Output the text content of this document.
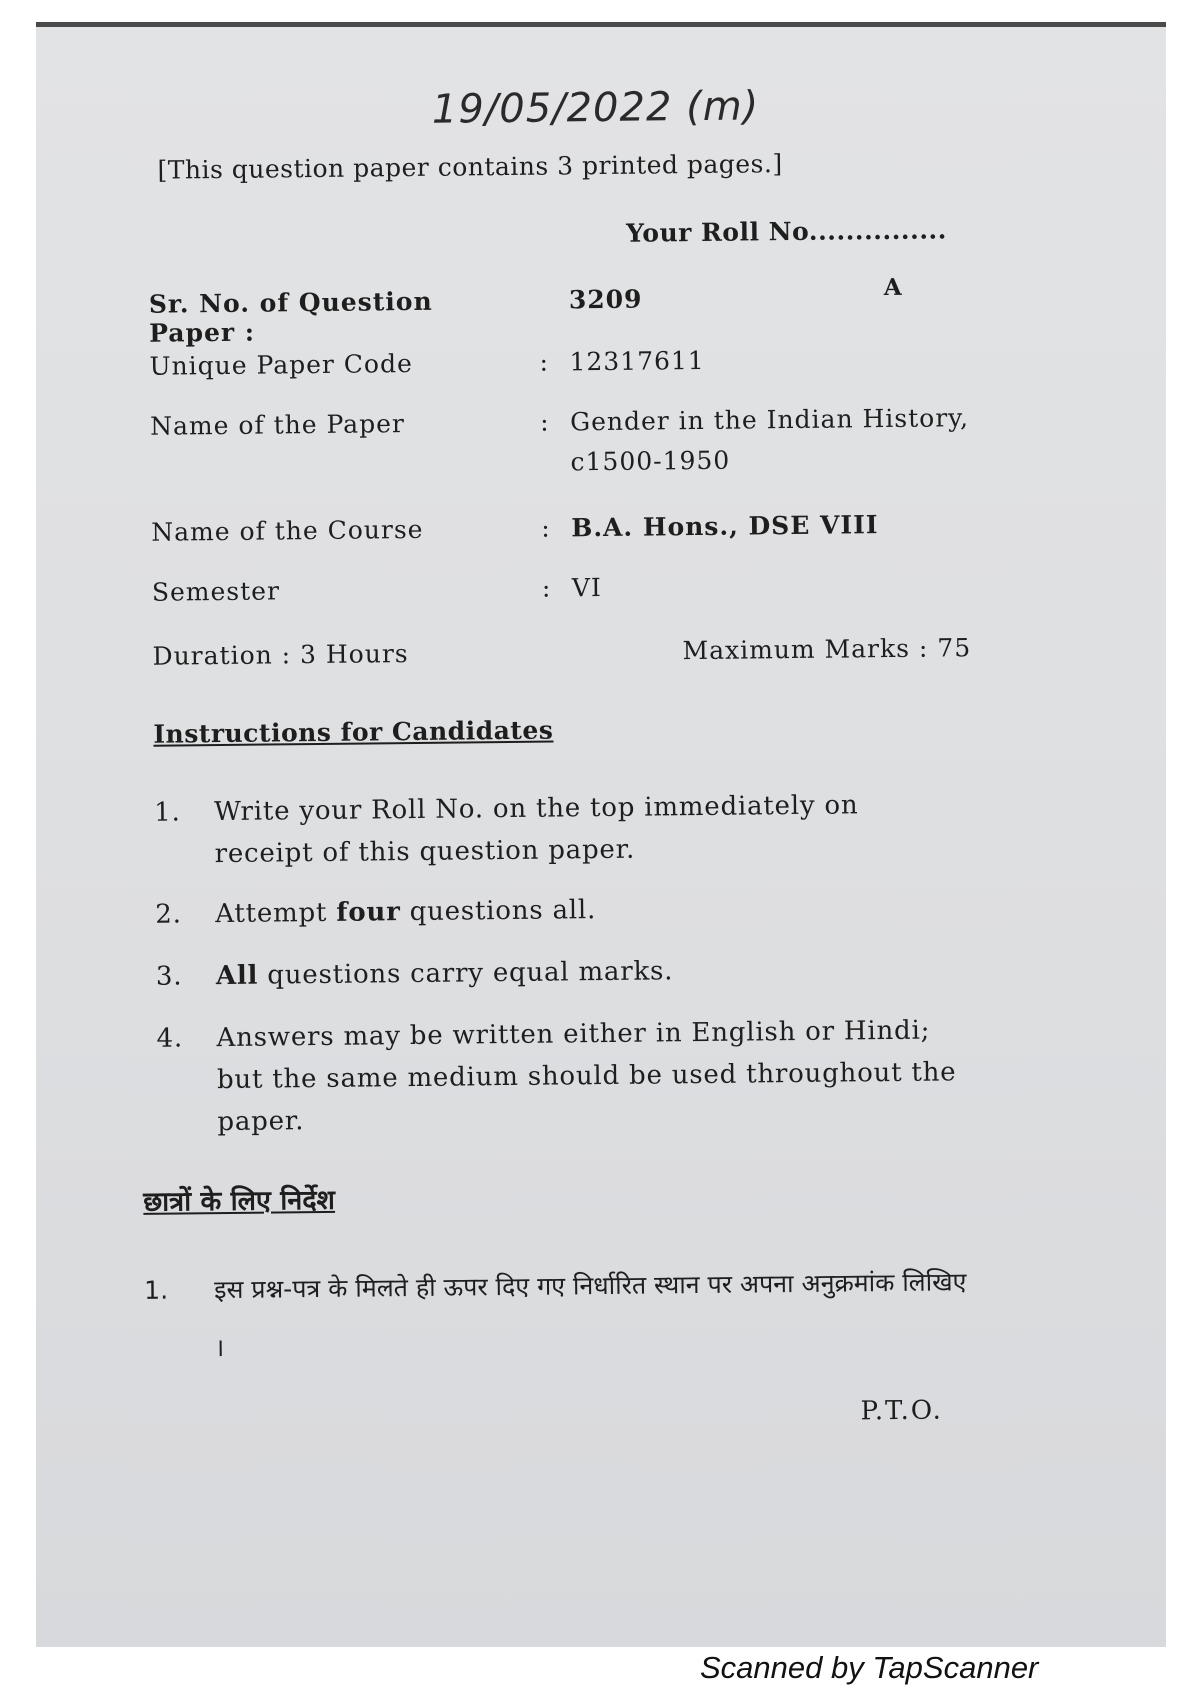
19/05/2022 (m)
[This question paper contains 3 printed pages.]
Your Roll No...............
Sr. No. of Question Paper :
3209	A
Unique Paper Code	: 12317611
Name of the Paper	: Gender in the Indian History,
c1500-1950
Name of the Course	: B.A. Hons., DSE VIII
Semester	: VI
Duration : 3 Hours	Maximum Marks : 75
Instructions for Candidates
1.	Write your Roll No. on the top immediately on receipt of this question paper.
2.	Attempt four questions all.
3.	All questions carry equal marks.
4.	Answers may be written either in English or Hindi; but the same medium should be used throughout the paper.
छात्रों के लिए निर्देश
1.	इस प्रश्न-पत्र के मिलते ही ऊपर दिए गए निर्धारित स्थान पर अपना अनुक्रमांक लिखिए ।
P.T.O.
Scanned by TapScanner
